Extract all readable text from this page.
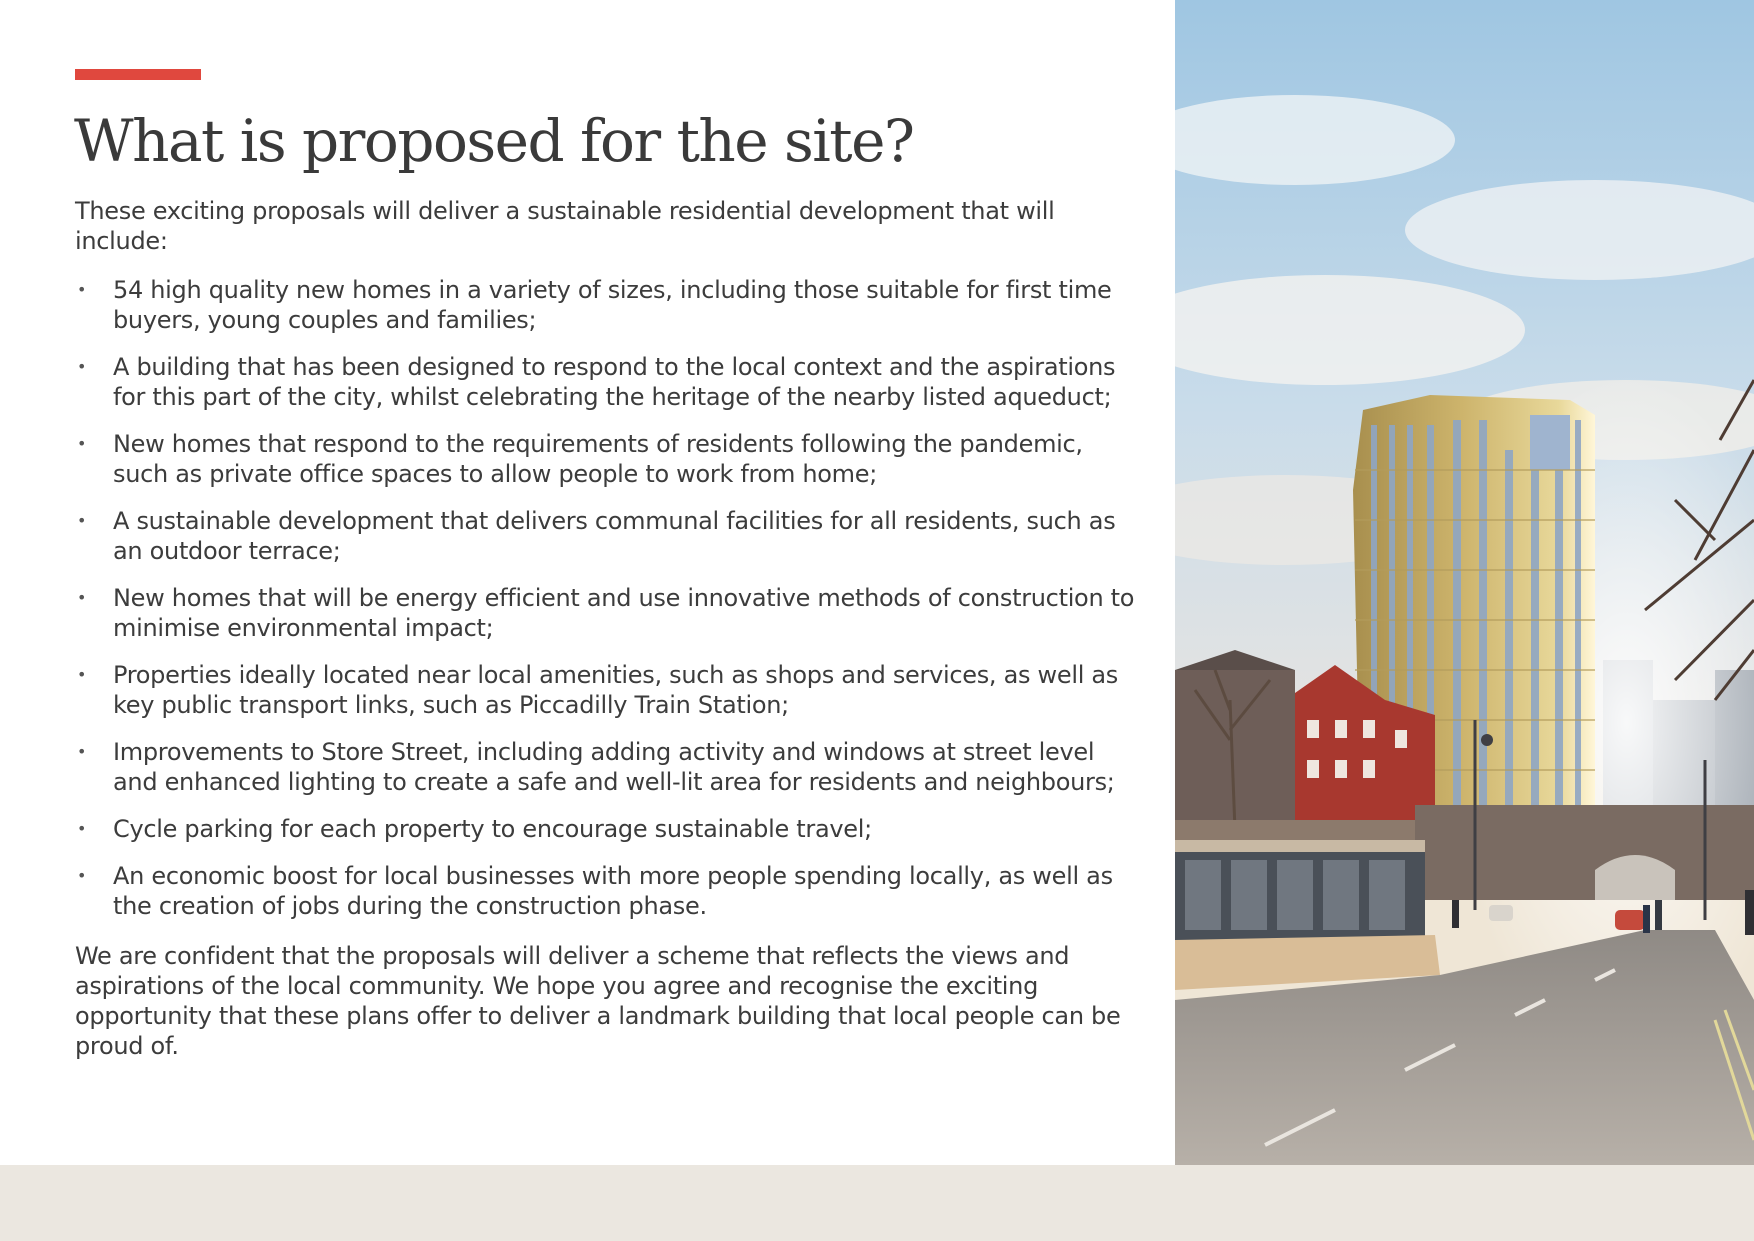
What is proposed for the site?

These exciting proposals will deliver a sustainable residential development that will include:

• 54 high quality new homes in a variety of sizes, including those suitable for first time buyers, young couples and families;
• A building that has been designed to respond to the local context and the aspirations for this part of the city, whilst celebrating the heritage of the nearby listed aqueduct;
• New homes that respond to the requirements of residents following the pandemic, such as private office spaces to allow people to work from home;
• A sustainable development that delivers communal facilities for all residents, such as an outdoor terrace;
• New homes that will be energy efficient and use innovative methods of construction to minimise environmental impact;
• Properties ideally located near local amenities, such as shops and services, as well as key public transport links, such as Piccadilly Train Station;
• Improvements to Store Street, including adding activity and windows at street level and enhanced lighting to create a safe and well-lit area for residents and neighbours;
• Cycle parking for each property to encourage sustainable travel;
• An economic boost for local businesses with more people spending locally, as well as the creation of jobs during the construction phase.

We are confident that the proposals will deliver a scheme that reflects the views and aspirations of the local community. We hope you agree and recognise the exciting opportunity that these plans offer to deliver a landmark building that local people can be proud of.
